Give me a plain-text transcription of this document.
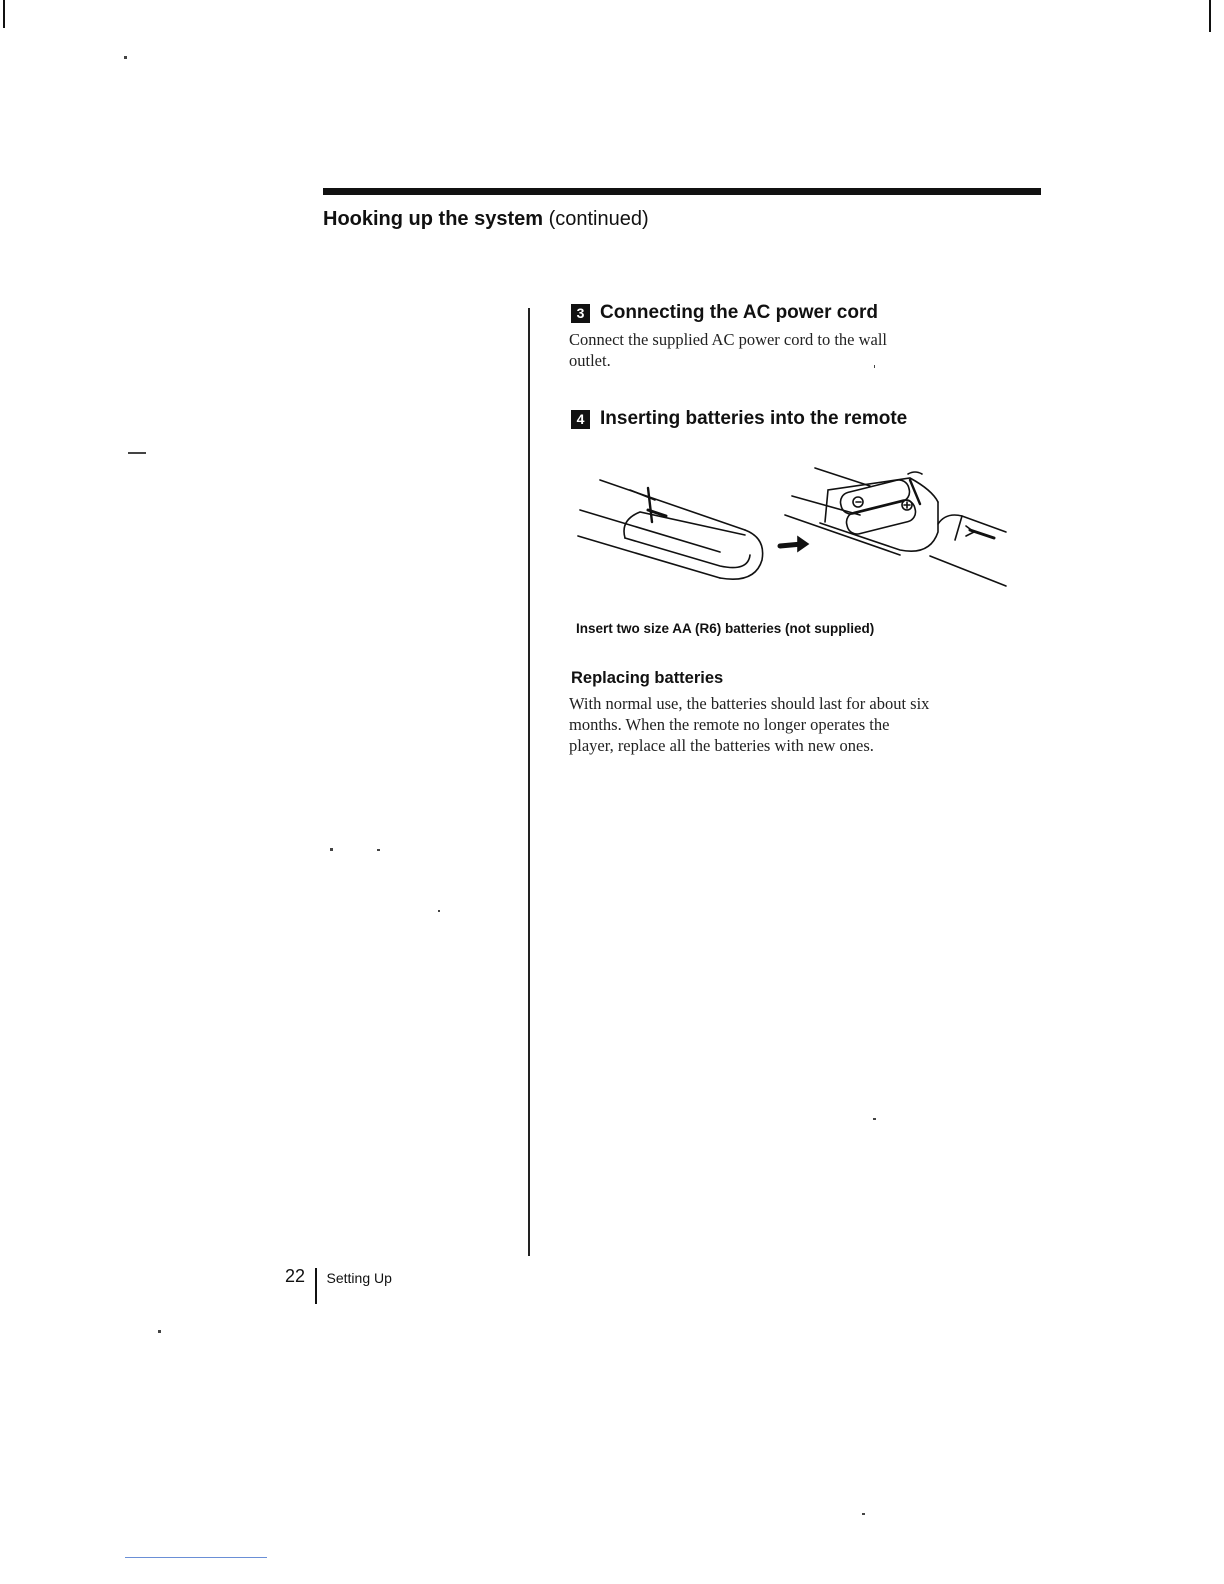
Hooking up the system (continued)
3 Connecting the AC power cord
Connect the supplied AC power cord to the wall
outlet.
4 Inserting batteries into the remote
Insert two size AA (R6) batteries (not supplied)
Replacing batteries
With normal use, the batteries should last for about six
months. When the remote no longer operates the
player, replace all the batteries with new ones.
22 Setting Up
